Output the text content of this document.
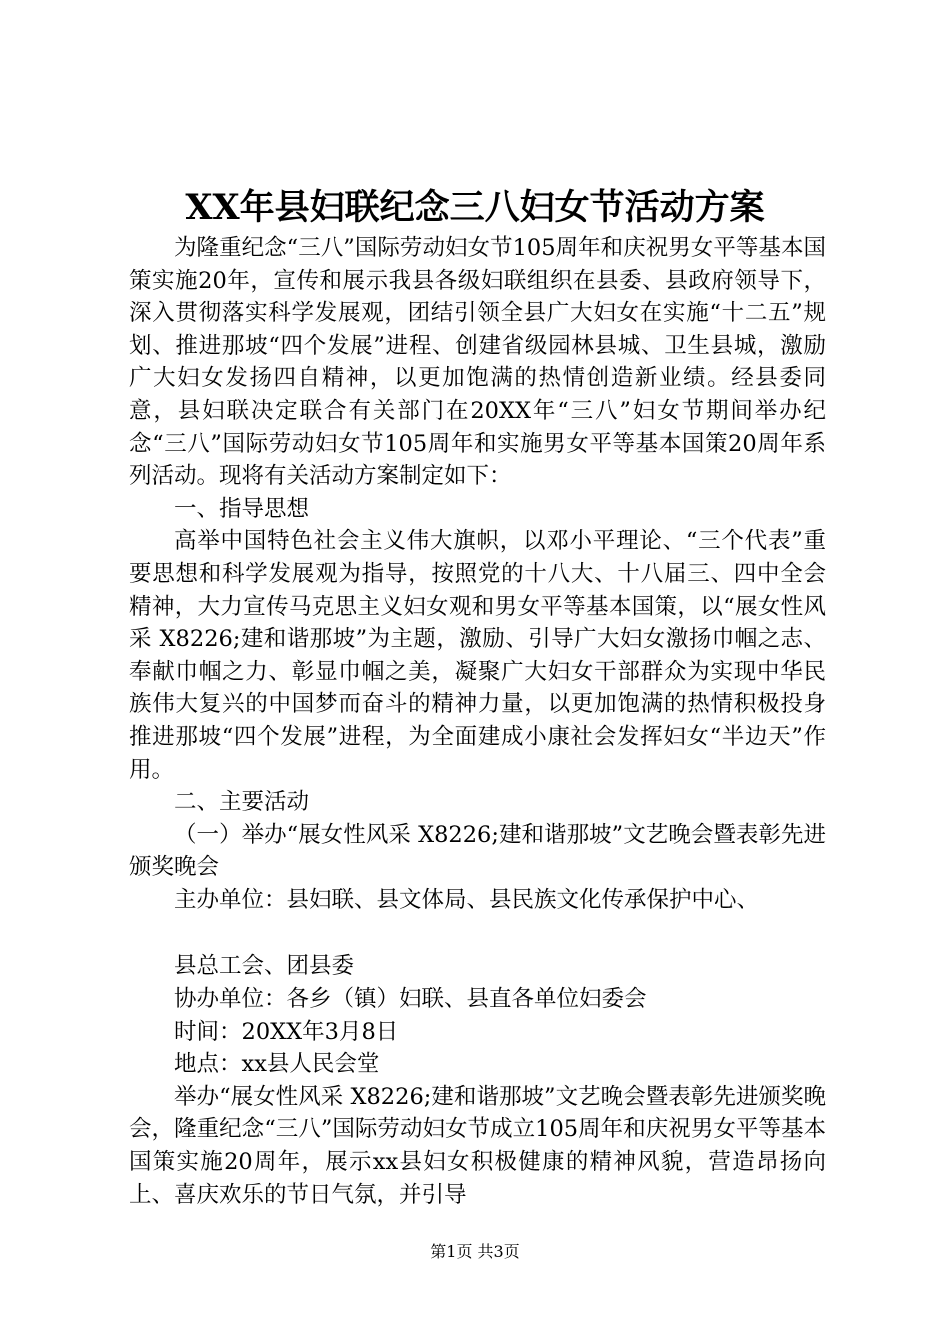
XX年县妇联纪念三八妇女节活动方案

为隆重纪念“三八”国际劳动妇女节105周年和庆祝男女平等基本国策实施20年，宣传和展示我县各级妇联组织在县委、县政府领导下，深入贯彻落实科学发展观，团结引领全县广大妇女在实施“十二五”规划、推进那坡“四个发展”进程、创建省级园林县城、卫生县城，激励广大妇女发扬四自精神，以更加饱满的热情创造新业绩。经县委同意，县妇联决定联合有关部门在20XX年“三八”妇女节期间举办纪念“三八”国际劳动妇女节105周年和实施男女平等基本国策20周年系列活动。现将有关活动方案制定如下：

一、指导思想

高举中国特色社会主义伟大旗帜，以邓小平理论、“三个代表”重要思想和科学发展观为指导，按照党的十八大、十八届三、四中全会精神，大力宣传马克思主义妇女观和男女平等基本国策，以“展女性风采 X8226;建和谐那坡”为主题，激励、引导广大妇女激扬巾帼之志、奉献巾帼之力、彰显巾帼之美，凝聚广大妇女干部群众为实现中华民族伟大复兴的中国梦而奋斗的精神力量，以更加饱满的热情积极投身推进那坡“四个发展”进程，为全面建成小康社会发挥妇女“半边天”作用。

二、主要活动

（一）举办“展女性风采 X8226;建和谐那坡”文艺晚会暨表彰先进颁奖晚会

主办单位：县妇联、县文体局、县民族文化传承保护中心、

县总工会、团县委

协办单位：各乡（镇）妇联、县直各单位妇委会

时间：20XX年3月8日

地点：xx县人民会堂

举办“展女性风采 X8226;建和谐那坡”文艺晚会暨表彰先进颁奖晚会，隆重纪念“三八”国际劳动妇女节成立105周年和庆祝男女平等基本国策实施20周年，展示xx县妇女积极健康的精神风貌，营造昂扬向上、喜庆欢乐的节日气氛，并引导

第1页 共3页
